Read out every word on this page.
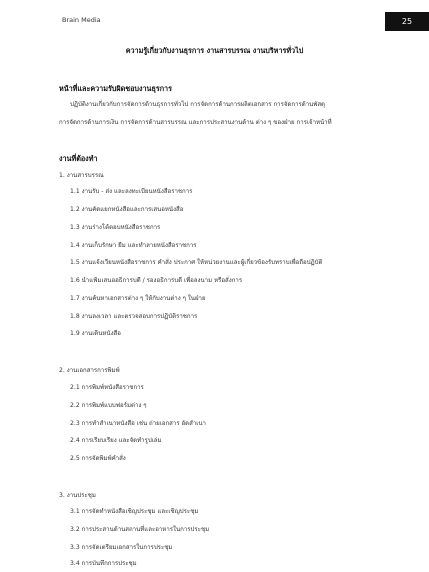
Brain Media	25
ความรู้เกี่ยวกับงานธุรการ งานสารบรรณ งานบริหารทั่วไป
หน้าที่และความรับผิดชอบงานธุรการ
ปฏิบัติงานเกี่ยวกับการจัดการด้านธุรการทั่วไป การจัดการด้านการผลิตเอกสาร การจัดการด้านพัสดุ
การจัดการด้านการเงิน การจัดการด้านสารบรรณ และการประสานงานด้าน ต่าง ๆ ของฝ่าย การเจ้าหน้าที่
งานที่ต้องทำ
1. งานสารบรรณ
1.1 งานรับ - ส่ง และลงทะเบียนหนังสือราชการ
1.2 งานคัดแยกหนังสือและการเสนอหนังสือ
1.3 งานร่างโต้ตอบหนังสือราชการ
1.4 งานเก็บรักษา ยืม และทำลายหนังสือราชการ
1.5 งานแจ้งเวียนหนังสือราชการ คำสั่ง ประกาศ ให้หน่วยงานและผู้เกี่ยวข้องรับทราบเพื่อถือปฏิบัติ
1.6 นำแฟ้มเสนออธิการบดี / รองอธิการบดี เพื่อลงนาม หรือสั่งการ
1.7 งานค้นหาเอกสารต่าง ๆ ให้กับงานต่าง ๆ ในฝ่าย
1.8 งานลงเวลา และตรวจสอบการปฏิบัติราชการ
1.9 งานเดินหนังสือ
2. งานเอกสารการพิมพ์
2.1 การพิมพ์หนังสือราชการ
2.2 การพิมพ์แบบฟอร์มต่าง ๆ
2.3 การทำสำเนาหนังสือ เช่น ถ่ายเอกสาร อัดสำเนา
2.4 การเรียบเรียง และจัดทำรูปเล่ม
2.5 การจัดพิมพ์คำสั่ง
3. งานประชุม
3.1 การจัดทำหนังสือเชิญประชุม และเชิญประชุม
3.2 การประสานด้านสถานที่และอาหารในการประชุม
3.3 การจัดเตรียมเอกสารในการประชุม
3.4 การบันทึกการประชุม
